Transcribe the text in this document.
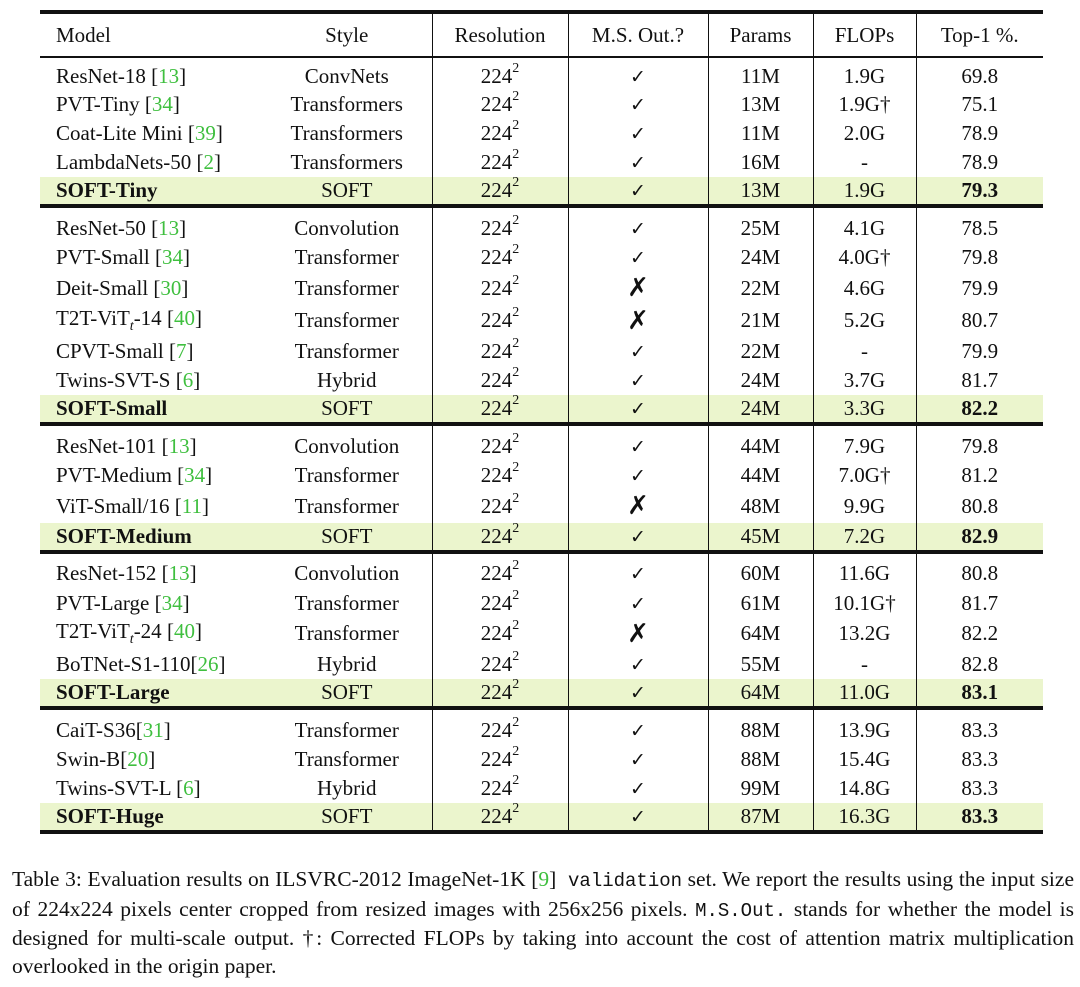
Model	Style	Resolution	M.S. Out.?	Params	FLOPs	Top-1 %.
ResNet-18 [13]	ConvNets	$224^2$	✓	11M	1.9G	69.8
PVT-Tiny [34]	Transformers	$224^2$	✓	13M	1.9G†	75.1
Coat-Lite Mini [39]	Transformers	$224^2$	✓	11M	2.0G	78.9
LambdaNets-50 [2]	Transformers	$224^2$	✓	16M	-	78.9
SOFT-Tiny	SOFT	$224^2$	✓	13M	1.9G	79.3
ResNet-50 [13]	Convolution	$224^2$	✓	25M	4.1G	78.5
PVT-Small [34]	Transformer	$224^2$	✓	24M	4.0G†	79.8
Deit-Small [30]	Transformer	$224^2$	✗	22M	4.6G	79.9
T2T-ViT$_t$-14 [40]	Transformer	$224^2$	✗	21M	5.2G	80.7
CPVT-Small [7]	Transformer	$224^2$	✓	22M	-	79.9
Twins-SVT-S [6]	Hybrid	$224^2$	✓	24M	3.7G	81.7
SOFT-Small	SOFT	$224^2$	✓	24M	3.3G	82.2
ResNet-101 [13]	Convolution	$224^2$	✓	44M	7.9G	79.8
PVT-Medium [34]	Transformer	$224^2$	✓	44M	7.0G†	81.2
ViT-Small/16 [11]	Transformer	$224^2$	✗	48M	9.9G	80.8
SOFT-Medium	SOFT	$224^2$	✓	45M	7.2G	82.9
ResNet-152 [13]	Convolution	$224^2$	✓	60M	11.6G	80.8
PVT-Large [34]	Transformer	$224^2$	✓	61M	10.1G†	81.7
T2T-ViT$_t$-24 [40]	Transformer	$224^2$	✗	64M	13.2G	82.2
BoTNet-S1-110[26]	Hybrid	$224^2$	✓	55M	-	82.8
SOFT-Large	SOFT	$224^2$	✓	64M	11.0G	83.1
CaiT-S36[31]	Transformer	$224^2$	✓	88M	13.9G	83.3
Swin-B[20]	Transformer	$224^2$	✓	88M	15.4G	83.3
Twins-SVT-L [6]	Hybrid	$224^2$	✓	99M	14.8G	83.3
SOFT-Huge	SOFT	$224^2$	✓	87M	16.3G	83.3
Table 3: Evaluation results on ILSVRC-2012 ImageNet-1K [9] validation set. We report the results using the input size of 224x224 pixels center cropped from resized images with 256x256 pixels. M.S.Out. stands for whether the model is designed for multi-scale output. †: Corrected FLOPs by taking into account the cost of attention matrix multiplication overlooked in the origin paper.
